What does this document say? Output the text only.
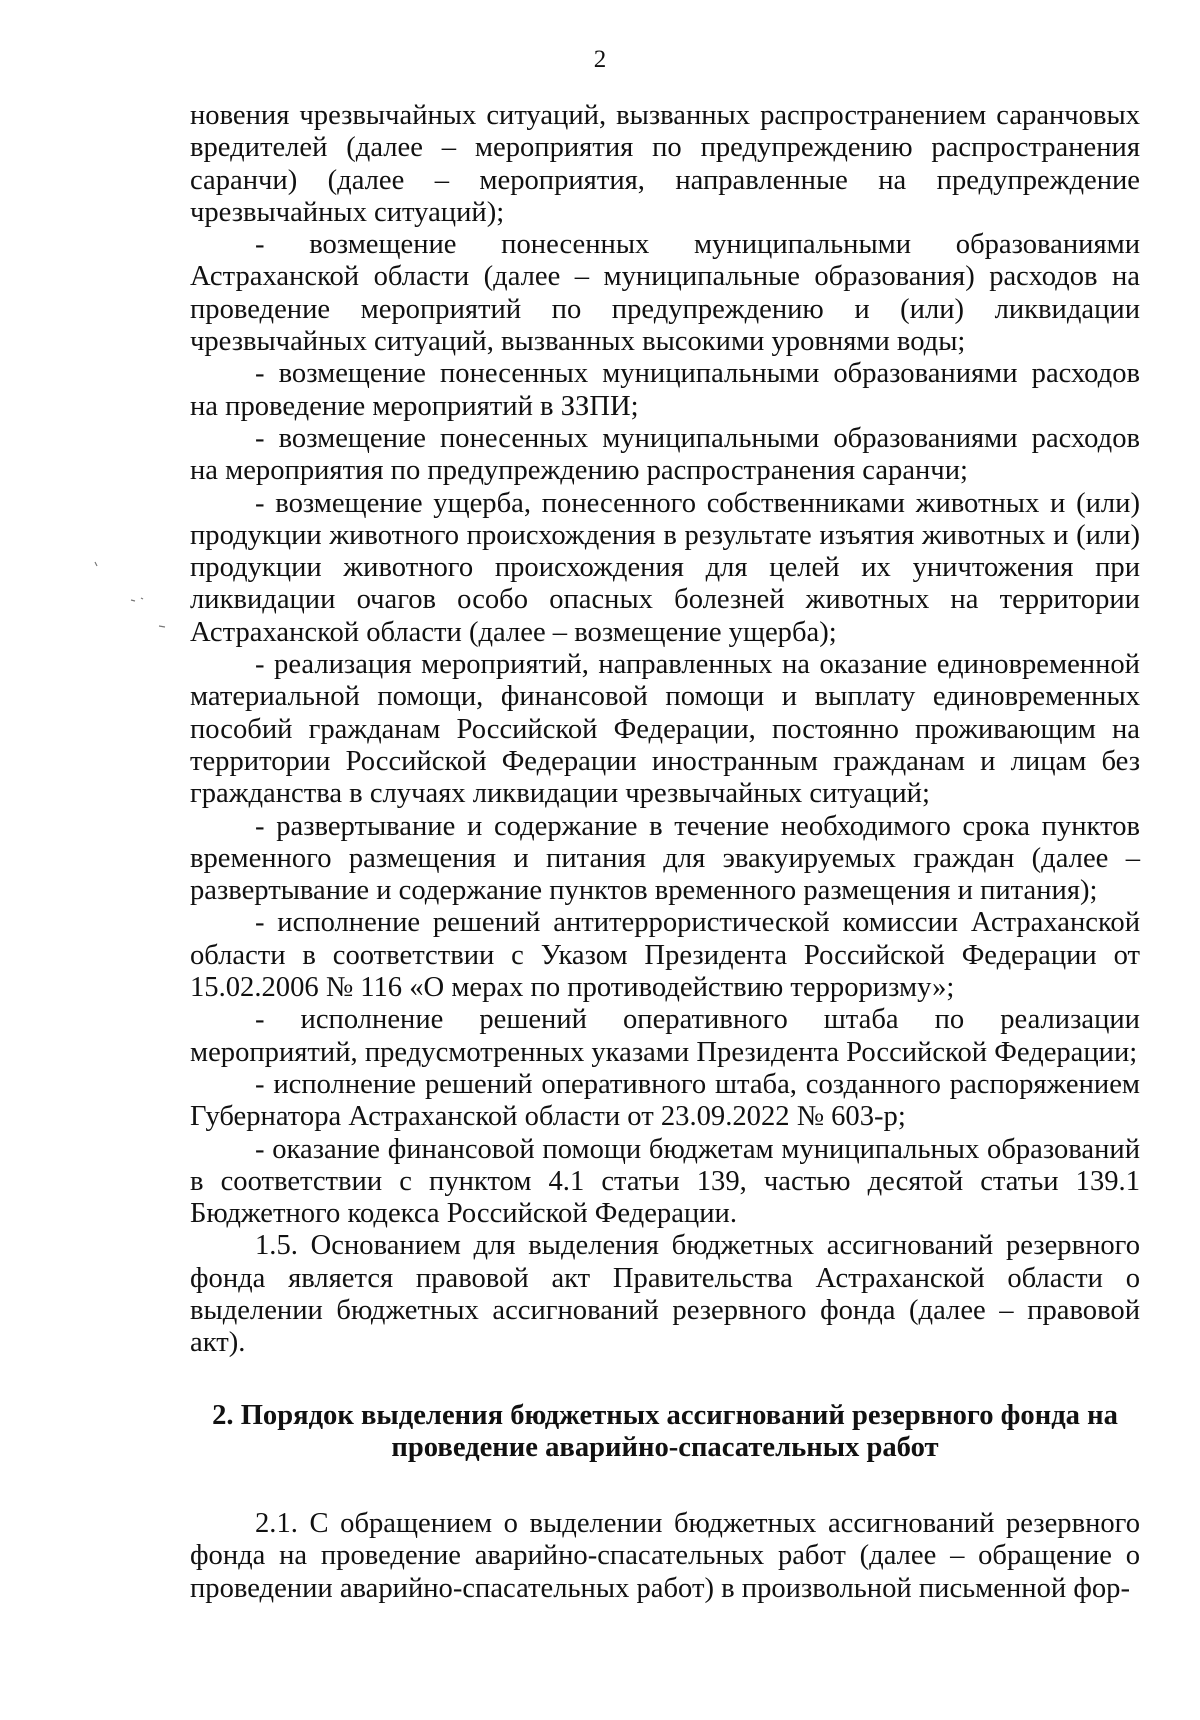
2

новения чрезвычайных ситуаций, вызванных распространением саранчовых вредителей (далее – мероприятия по предупреждению распространения саранчи) (далее – мероприятия, направленные на предупреждение чрезвычайных ситуаций);

- возмещение понесенных муниципальными образованиями Астраханской области (далее – муниципальные образования) расходов на проведение мероприятий по предупреждению и (или) ликвидации чрезвычайных ситуаций, вызванных высокими уровнями воды;

- возмещение понесенных муниципальными образованиями расходов на проведение мероприятий в ЗЗПИ;

- возмещение понесенных муниципальными образованиями расходов на мероприятия по предупреждению распространения саранчи;

- возмещение ущерба, понесенного собственниками животных и (или) продукции животного происхождения в результате изъятия животных и (или) продукции животного происхождения для целей их уничтожения при ликвидации очагов особо опасных болезней животных на территории Астраханской области (далее – возмещение ущерба);

- реализация мероприятий, направленных на оказание единовременной материальной помощи, финансовой помощи и выплату единовременных пособий гражданам Российской Федерации, постоянно проживающим на территории Российской Федерации иностранным гражданам и лицам без гражданства в случаях ликвидации чрезвычайных ситуаций;

- развертывание и содержание в течение необходимого срока пунктов временного размещения и питания для эвакуируемых граждан (далее – развертывание и содержание пунктов временного размещения и питания);

- исполнение решений антитеррористической комиссии Астраханской области в соответствии с Указом Президента Российской Федерации от 15.02.2006 № 116 «О мерах по противодействию терроризму»;

- исполнение решений оперативного штаба по реализации мероприятий, предусмотренных указами Президента Российской Федерации;

- исполнение решений оперативного штаба, созданного распоряжением Губернатора Астраханской области от 23.09.2022 № 603-р;

- оказание финансовой помощи бюджетам муниципальных образований в соответствии с пунктом 4.1 статьи 139, частью десятой статьи 139.1 Бюджетного кодекса Российской Федерации.

1.5. Основанием для выделения бюджетных ассигнований резервного фонда является правовой акт Правительства Астраханской области о выделении бюджетных ассигнований резервного фонда (далее – правовой акт).

2. Порядок выделения бюджетных ассигнований резервного фонда на проведение аварийно-спасательных работ

2.1. С обращением о выделении бюджетных ассигнований резервного фонда на проведение аварийно-спасательных работ (далее – обращение о проведении аварийно-спасательных работ) в произвольной письменной фор-
